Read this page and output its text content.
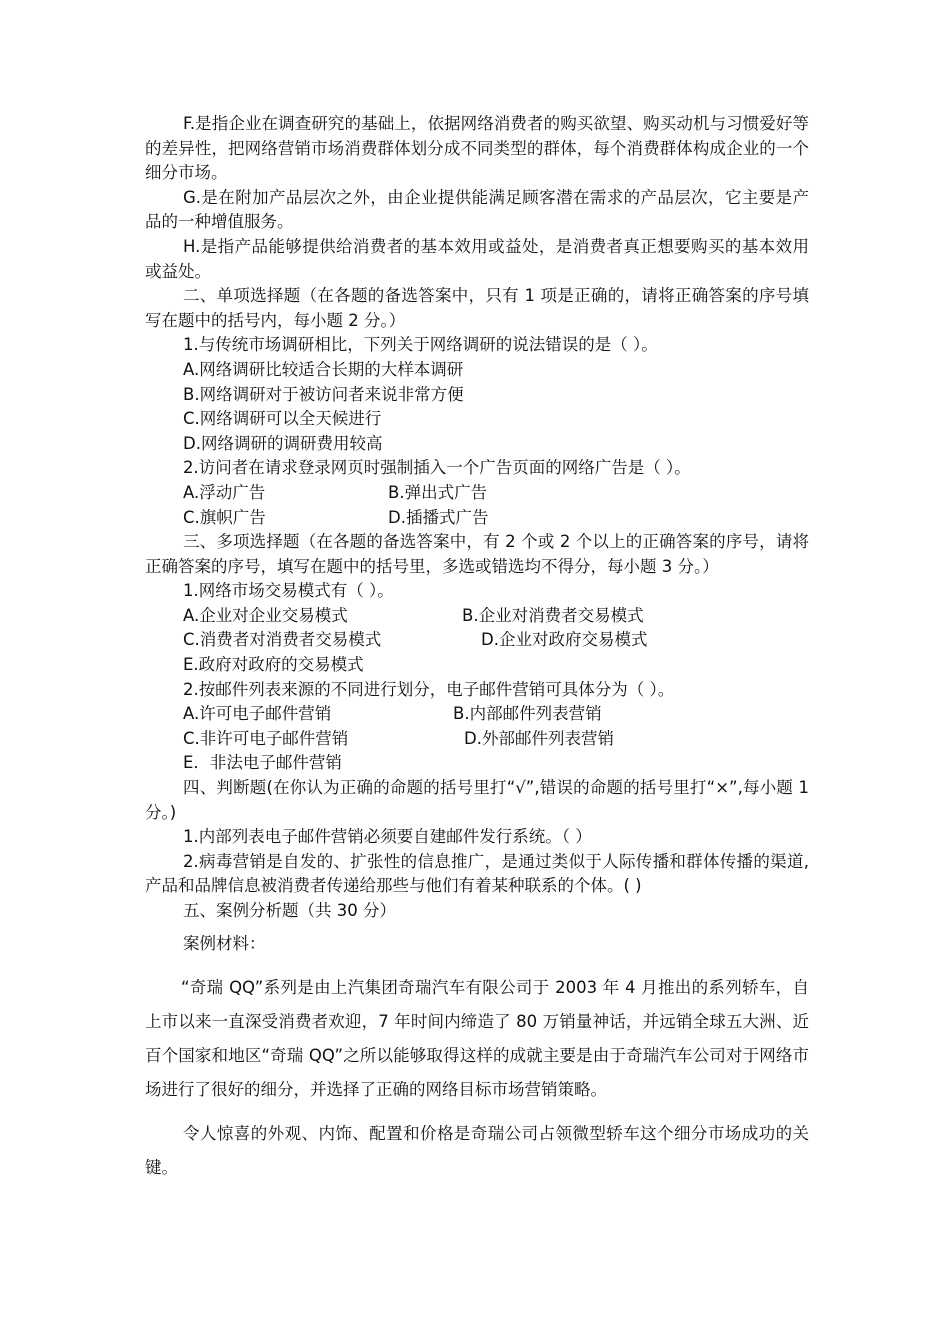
F.是指企业在调查研究的基础上，依据网络消费者的购买欲望、购买动机与习惯爱好等的差异性，把网络营销市场消费群体划分成不同类型的群体，每个消费群体构成企业的一个细分市场。

G.是在附加产品层次之外，由企业提供能满足顾客潜在需求的产品层次，它主要是产品的一种增值服务。

H.是指产品能够提供给消费者的基本效用或益处，是消费者真正想要购买的基本效用或益处。

二、单项选择题（在各题的备选答案中，只有 1 项是正确的，请将正确答案的序号填写在题中的括号内，每小题 2 分。）

1.与传统市场调研相比，下列关于网络调研的说法错误的是（ ）。

A.网络调研比较适合长期的大样本调研

B.网络调研对于被访问者来说非常方便

C.网络调研可以全天候进行

D.网络调研的调研费用较高

2.访问者在请求登录网页时强制插入一个广告页面的网络广告是（ ）。

A.浮动广告	B.弹出式广告

C.旗帜广告	D.插播式广告

三、多项选择题（在各题的备选答案中，有 2 个或 2 个以上的正确答案的序号，请将正确答案的序号，填写在题中的括号里，多选或错选均不得分，每小题 3 分。）

1.网络市场交易模式有（ ）。

A.企业对企业交易模式	B.企业对消费者交易模式

C.消费者对消费者交易模式	D.企业对政府交易模式

E.政府对政府的交易模式

2.按邮件列表来源的不同进行划分，电子邮件营销可具体分为（ ）。

A.许可电子邮件营销	B.内部邮件列表营销

C.非许可电子邮件营销	D.外部邮件列表营销

E．非法电子邮件营销

四、判断题(在你认为正确的命题的括号里打“√”,错误的命题的括号里打“×”,每小题 1 分。)

1.内部列表电子邮件营销必须要自建邮件发行系统。（ ）

2.病毒营销是自发的、扩张性的信息推广，是通过类似于人际传播和群体传播的渠道,产品和品牌信息被消费者传递给那些与他们有着某种联系的个体。( )

五、案例分析题（共 30 分）

案例材料：

“奇瑞 QQ”系列是由上汽集团奇瑞汽车有限公司于 2003 年 4 月推出的系列轿车，自上市以来一直深受消费者欢迎，7 年时间内缔造了 80 万销量神话，并远销全球五大洲、近百个国家和地区“奇瑞 QQ”之所以能够取得这样的成就主要是由于奇瑞汽车公司对于网络市场进行了很好的细分，并选择了正确的网络目标市场营销策略。

令人惊喜的外观、内饰、配置和价格是奇瑞公司占领微型轿车这个细分市场成功的关键。
